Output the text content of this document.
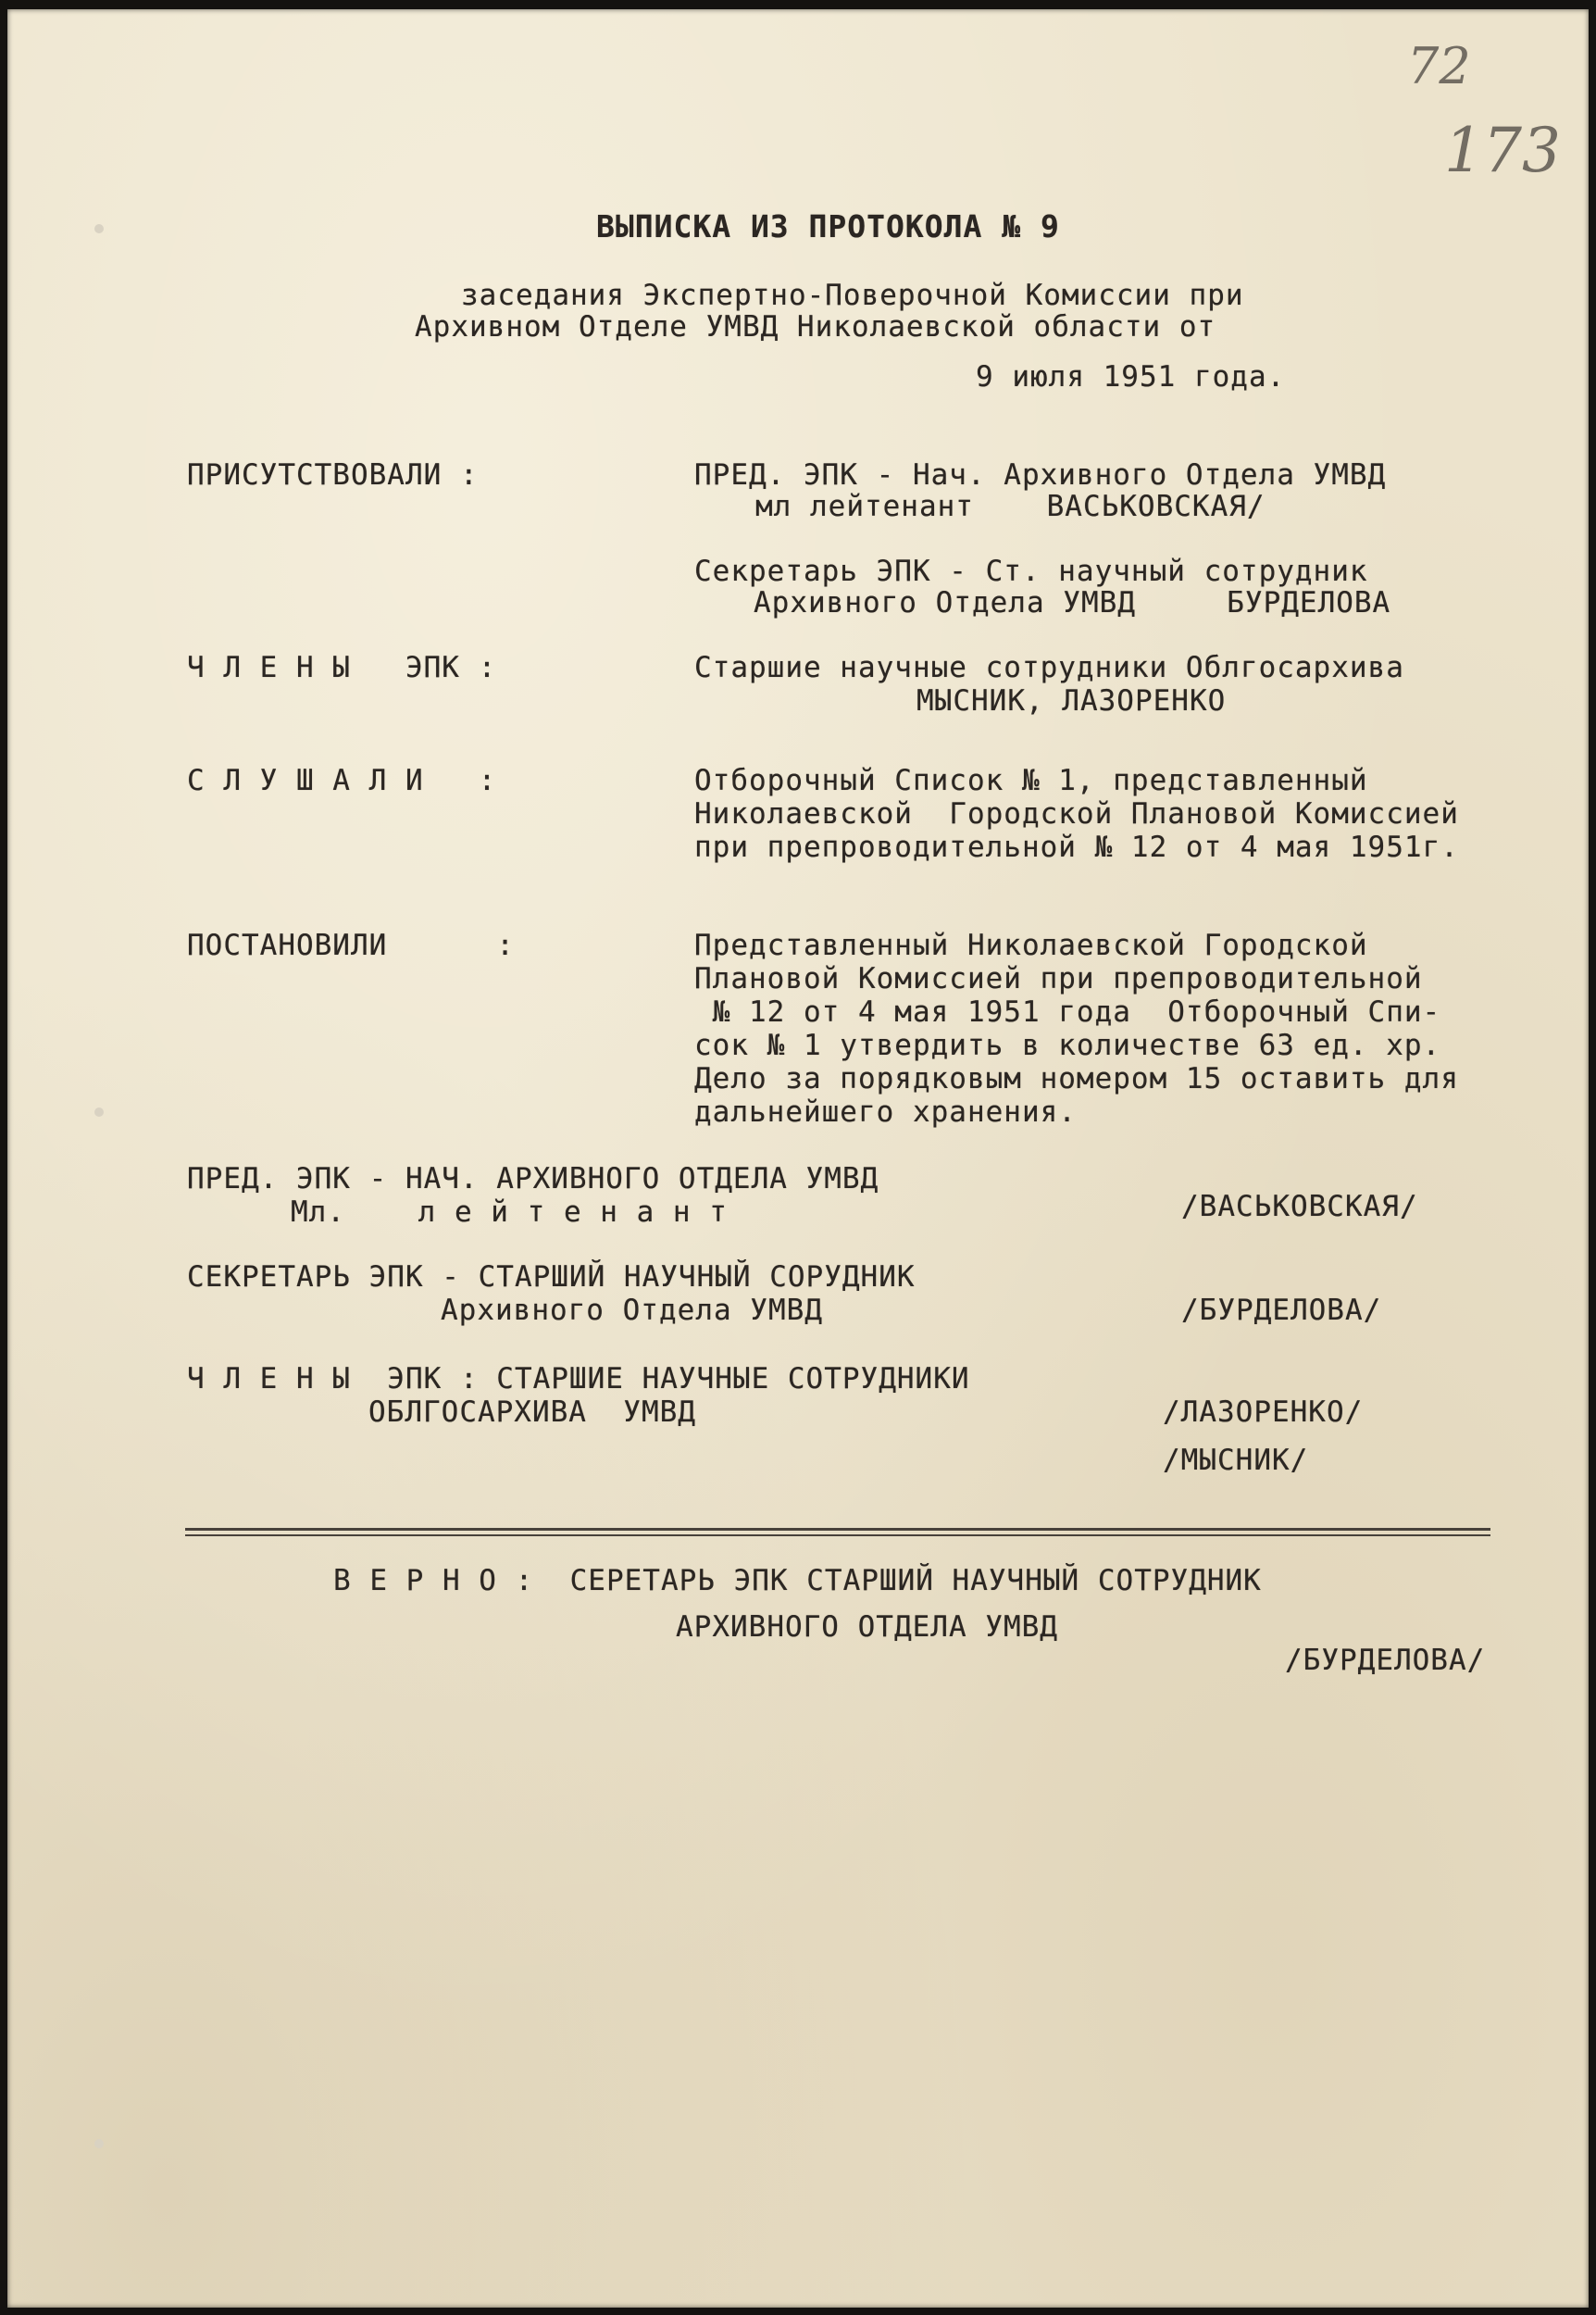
72
173
ВЫПИСКА ИЗ ПРОТОКОЛА № 9
заседания Экспертно-Поверочной Комиссии при
Архивном Отделе УМВД Николаевской области от
9 июля 1951 года.
ПРИСУТСТВОВАЛИ :	ПРЕД. ЭПК - Нач. Архивного Отдела УМВД
мл лейтенант    ВАСЬКОВСКАЯ/
Секретарь ЭПК - Ст. научный сотрудник
Архивного Отдела УМВД     БУРДЕЛОВА
Ч Л Е Н Ы   ЭПК :	Старшие научные сотрудники Облгосархива
МЫСНИК, ЛАЗОРЕНКО
С Л У Ш А Л И   :	Отборочный Список № 1, представленный
Николаевской  Городской Плановой Комиссией
при препроводительной № 12 от 4 мая 1951г.
ПОСТАНОВИЛИ      :	Представленный Николаевской Городской
Плановой Комиссией при препроводительной
№ 12 от 4 мая 1951 года  Отборочный Спи-
сок № 1 утвердить в количестве 63 ед. хр.
Дело за порядковым номером 15 оставить для
дальнейшего хранения.
ПРЕД. ЭПК - НАЧ. АРХИВНОГО ОТДЕЛА УМВД
Мл.    л е й т е н а н т	/ВАСЬКОВСКАЯ/
СЕКРЕТАРЬ ЭПК - СТАРШИЙ НАУЧНЫЙ СОРУДНИК
Архивного Отдела УМВД	/БУРДЕЛОВА/
Ч Л Е Н Ы  ЭПК : СТАРШИЕ НАУЧНЫЕ СОТРУДНИКИ
ОБЛГОСАРХИВА  УМВД	/ЛАЗОРЕНКО/
/МЫСНИК/
В Е Р Н О :  СЕРЕТАРЬ ЭПК СТАРШИЙ НАУЧНЫЙ СОТРУДНИК
АРХИВНОГО ОТДЕЛА УМВД
/БУРДЕЛОВА/
